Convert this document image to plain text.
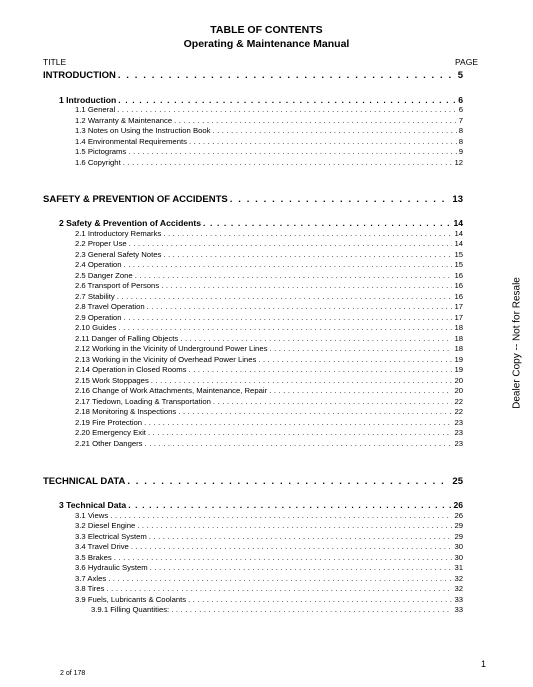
TABLE OF CONTENTS
Operating & Maintenance Manual
TITLE	PAGE
INTRODUCTION . . .	5
1 Introduction . . .	6
1.1 General . . .	6
1.2 Warranty & Maintenance . . .	7
1.3 Notes on Using the Instruction Book . . .	8
1.4 Environmental Requirements . . .	8
1.5 Pictograms . . .	9
1.6 Copyright . . .	12
SAFETY & PREVENTION OF ACCIDENTS . . .	13
2 Safety & Prevention of Accidents . . .	14
2.1 Introductory Remarks . . .	14
2.2 Proper Use . . .	14
2.3 General Safety Notes . . .	15
2.4 Operation . . .	15
2.5 Danger Zone . . .	16
2.6 Transport of Persons . . .	16
2.7 Stability . . .	16
2.8 Travel Operation . . .	17
2.9 Operation . . .	17
2.10 Guides . . .	18
2.11 Danger of Falling Objects . . .	18
2.12 Working in the Vicinity of Underground Power Lines . . .	18
2.13 Working in the Vicinity of Overhead Power Lines . . .	19
2.14 Operation in Closed Rooms . . .	19
2.15 Work Stoppages . . .	20
2.16 Change of Work Attachments, Maintenance, Repair . . .	20
2.17 Tiedown, Loading & Transportation . . .	22
2.18 Monitoring & Inspections . . .	22
2.19 Fire Protection . . .	23
2.20 Emergency Exit . . .	23
2.21 Other Dangers . . .	23
TECHNICAL DATA . . .	25
3 Technical Data . . .	26
3.1 Views . . .	26
3.2 Diesel Engine . . .	29
3.3 Electrical System . . .	29
3.4 Travel Drive . . .	30
3.5 Brakes . . .	30
3.6 Hydraulic System . . .	31
3.7 Axles . . .	32
3.8 Tires . . .	32
3.9 Fuels, Lubricants & Coolants . . .	33
3.9.1 Filling Quantities: . . .	33
Dealer Copy -- Not for Resale
2 of 178
1
